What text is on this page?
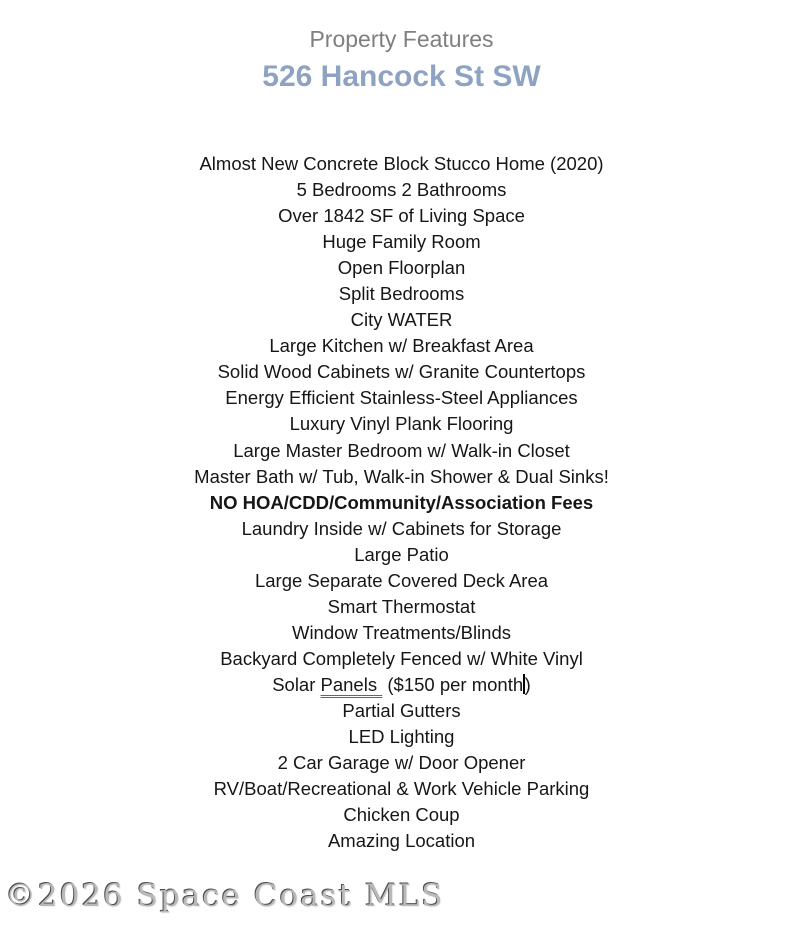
Property Features
526 Hancock St SW
Almost New Concrete Block Stucco Home (2020)
5 Bedrooms 2 Bathrooms
Over 1842 SF of Living Space
Huge Family Room
Open Floorplan
Split Bedrooms
City WATER
Large Kitchen w/ Breakfast Area
Solid Wood Cabinets w/ Granite Countertops
Energy Efficient Stainless-Steel Appliances
Luxury Vinyl Plank Flooring
Large Master Bedroom w/ Walk-in Closet
Master Bath w/ Tub, Walk-in Shower & Dual Sinks!
NO HOA/CDD/Community/Association Fees
Laundry Inside w/ Cabinets for Storage
Large Patio
Large Separate Covered Deck Area
Smart Thermostat
Window Treatments/Blinds
Backyard Completely Fenced w/ White Vinyl
Solar Panels  ($150 per month)
Partial Gutters
LED Lighting
2 Car Garage w/ Door Opener
RV/Boat/Recreational & Work Vehicle Parking
Chicken Coup
Amazing Location
©2026 Space Coast MLS
